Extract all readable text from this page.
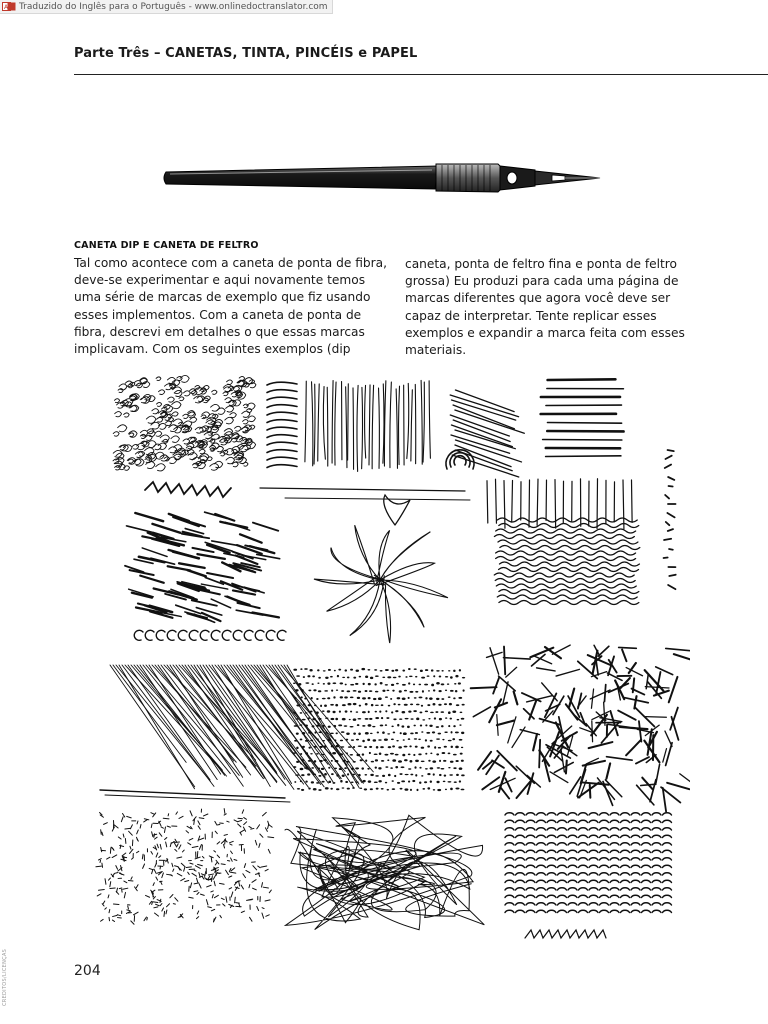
A Traduzido do Inglês para o Português - www.onlinedoctranslator.com
Parte Três – CANETAS, TINTA, PINCÉIS e PAPEL
CANETA DIP E CANETA DE FELTRO
Tal como acontece com a caneta de ponta de fibra,
deve-se experimentar e aqui novamente temos
uma série de marcas de exemplo que fiz usando
esses implementos. Com a caneta de ponta de
fibra, descrevi em detalhes o que essas marcas
implicavam. Com os seguintes exemplos (dip
caneta, ponta de feltro fina e ponta de feltro
grossa) Eu produzi para cada uma página de
marcas diferentes que agora você deve ser
capaz de interpretar. Tente replicar esses
exemplos e expandir a marca feita com esses
materiais.
204
CREDITOS/LICENÇAS
